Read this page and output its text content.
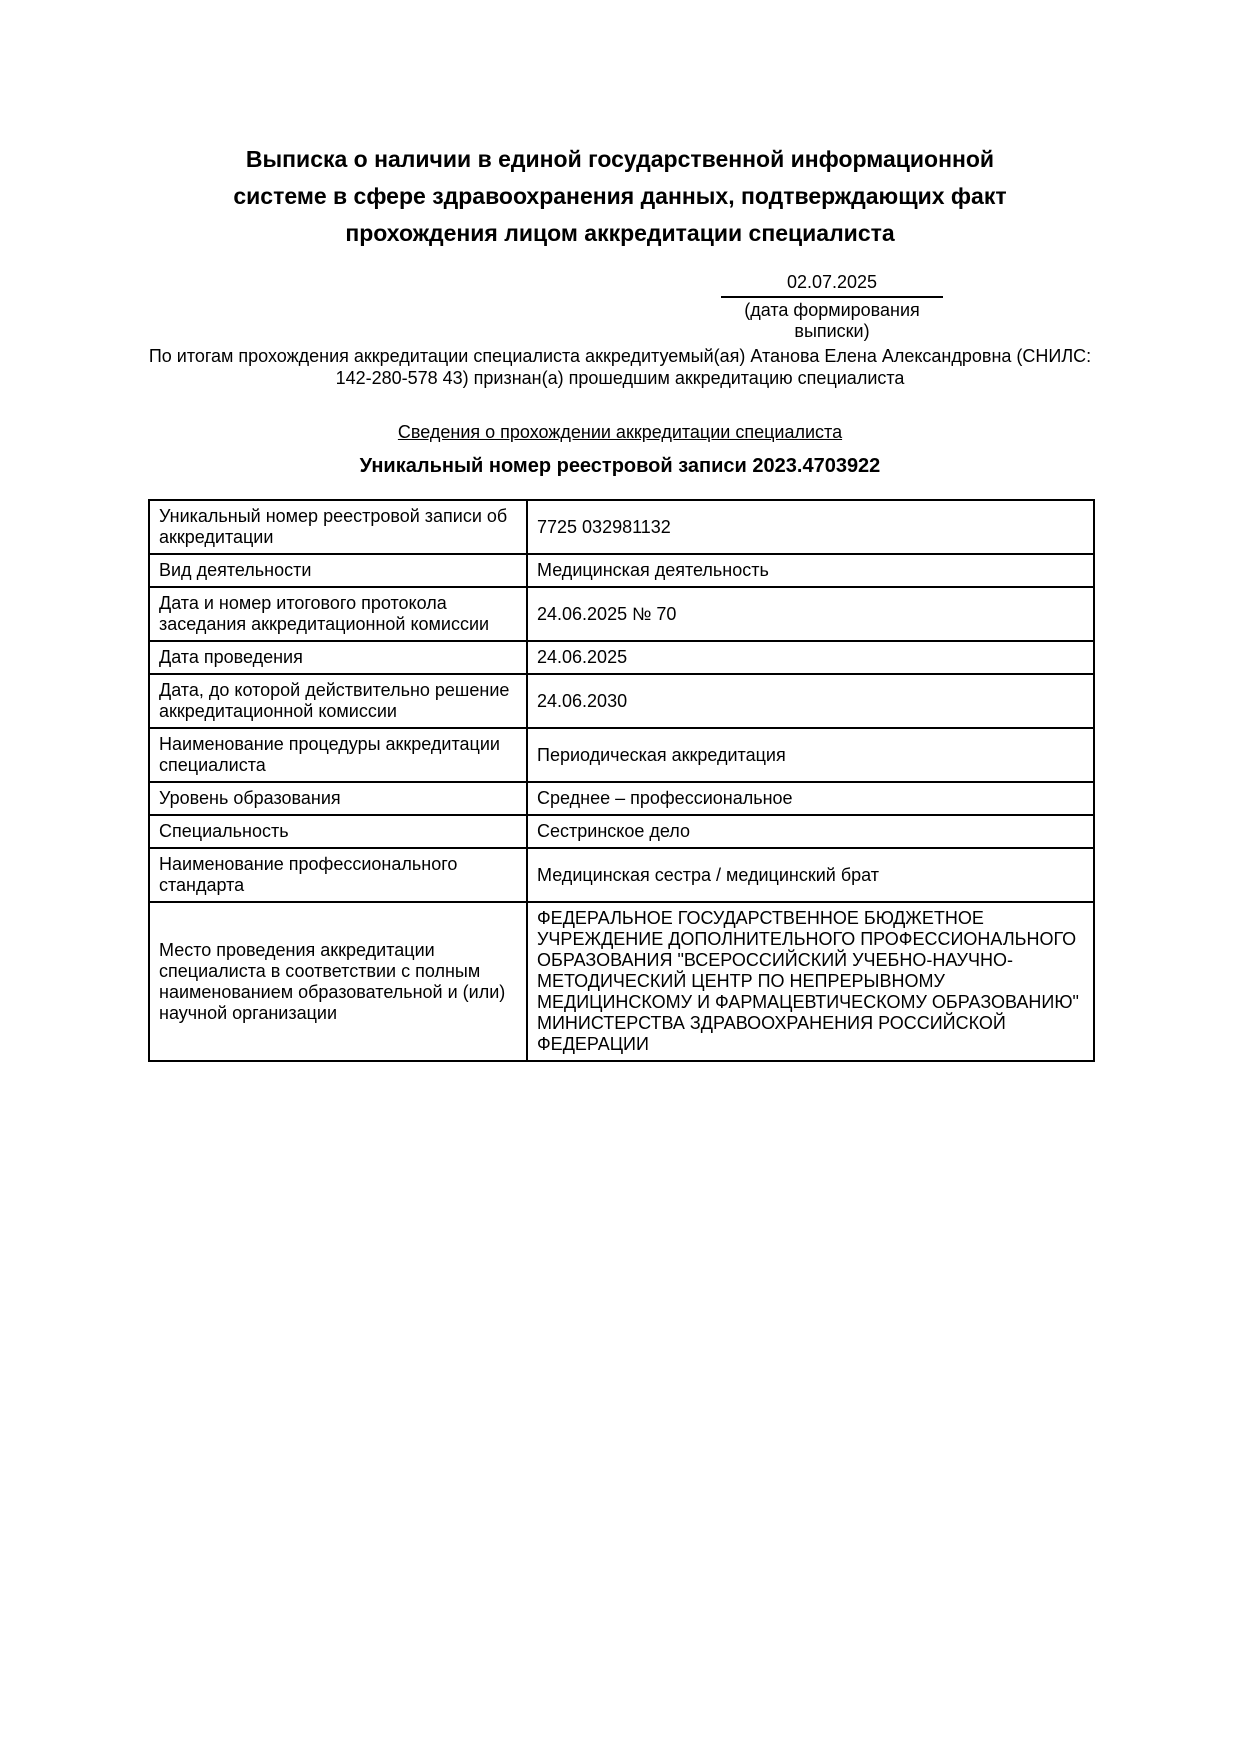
Выписка о наличии в единой государственной информационной
системе в сфере здравоохранения данных, подтверждающих факт
прохождения лицом аккредитации специалиста
02.07.2025
(дата формирования выписки)
По итогам прохождения аккредитации специалиста аккредитуемый(ая) Атанова Елена Александровна (СНИЛС: 142-280-578 43) признан(а) прошедшим аккредитацию специалиста
Сведения о прохождении аккредитации специалиста
Уникальный номер реестровой записи 2023.4703922
Уникальный номер реестровой записи об аккредитации	7725 032981132
Вид деятельности	Медицинская деятельность
Дата и номер итогового протокола заседания аккредитационной комиссии	24.06.2025 № 70
Дата проведения	24.06.2025
Дата, до которой действительно решение аккредитационной комиссии	24.06.2030
Наименование процедуры аккредитации специалиста	Периодическая аккредитация
Уровень образования	Среднее – профессиональное
Специальность	Сестринское дело
Наименование профессионального стандарта	Медицинская сестра / медицинский брат
Место проведения аккредитации специалиста в соответствии с полным наименованием образовательной и (или) научной организации	ФЕДЕРАЛЬНОЕ ГОСУДАРСТВЕННОЕ БЮДЖЕТНОЕ УЧРЕЖДЕНИЕ ДОПОЛНИТЕЛЬНОГО ПРОФЕССИОНАЛЬНОГО ОБРАЗОВАНИЯ "ВСЕРОССИЙСКИЙ УЧЕБНО-НАУЧНО-МЕТОДИЧЕСКИЙ ЦЕНТР ПО НЕПРЕРЫВНОМУ МЕДИЦИНСКОМУ И ФАРМАЦЕВТИЧЕСКОМУ ОБРАЗОВАНИЮ" МИНИСТЕРСТВА ЗДРАВООХРАНЕНИЯ РОССИЙСКОЙ ФЕДЕРАЦИИ
